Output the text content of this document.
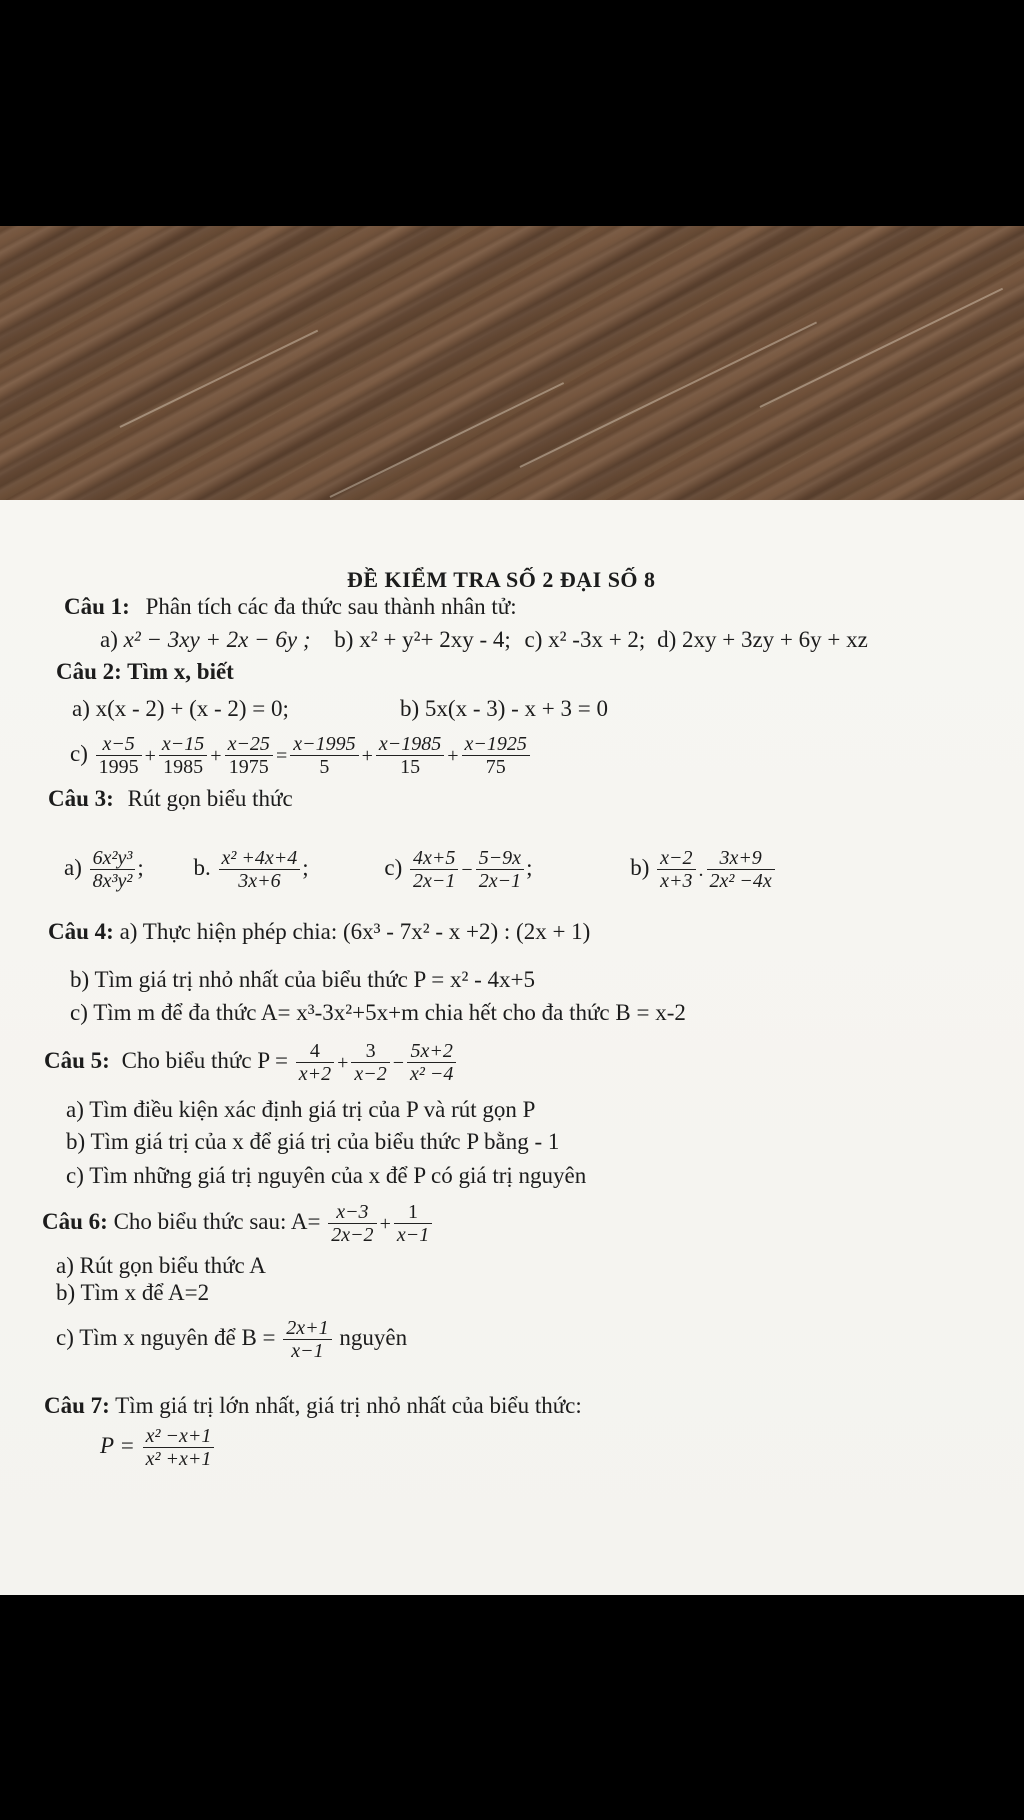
ĐỀ KIỂM TRA SỐ 2 ĐẠI SỐ 8
Câu 1: Phân tích các đa thức sau thành nhân tử:
a) x² − 3xy + 2x − 6y ; b) x² + y²+ 2xy - 4; c) x² -3x + 2; d) 2xy + 3zy + 6y + xz
Câu 2: Tìm x, biết
a) x(x - 2) + (x - 2) = 0;	b) 5x(x - 3) - x + 3 = 0
$c) \frac{x-5}{1995} + \frac{x-15}{1985} + \frac{x-25}{1975} = \frac{x-1995}{5} + \frac{x-1985}{15} + \frac{x-1925}{75}$
Câu 3: Rút gọn biểu thức
$a) \frac{\text{6x²y³}}{\text{8x³y²}}$ ; b. $\frac{\text{x² +4x+4}}{3x+6}$ ;	$c) \frac{4x+5}{2x-1} - \frac{5-9x}{2x-1}$ ;	$b) \frac{x-2}{x+3}$ . $\frac{3x+9}{\text{2x² −4x}}$
Câu 4: a) Thực hiện phép chia: (6x³ - 7x² - x +2) : (2x + 1)
b) Tìm giá trị nhỏ nhất của biểu thức P = x² - 4x+5
c) Tìm m để đa thức A= x³-3x²+5x+m chia hết cho đa thức B = x-2
Câu 5: Cho biểu thức $P = \frac{4}{x+2} + \frac{3}{x-2} - \frac{5x+2}{\text{x² −4}}$
a) Tìm điều kiện xác định giá trị của P và rút gọn P
b) Tìm giá trị của x để giá trị của biểu thức P bằng - 1
c) Tìm những giá trị nguyên của x để P có giá trị nguyên
Câu 6: Cho biểu thức sau: $A= \frac{x-3}{2x-2} + \frac{1}{x-1}$
a) Rút gọn biểu thức A
b) Tìm x để A=2
c) Tìm x nguyên để $B = \frac{2x+1}{x-1}$ nguyên
Câu 7: Tìm giá trị lớn nhất, giá trị nhỏ nhất của biểu thức:
$P = \frac{\text{x² −x+1}}{\text{x² +x+1}}$
